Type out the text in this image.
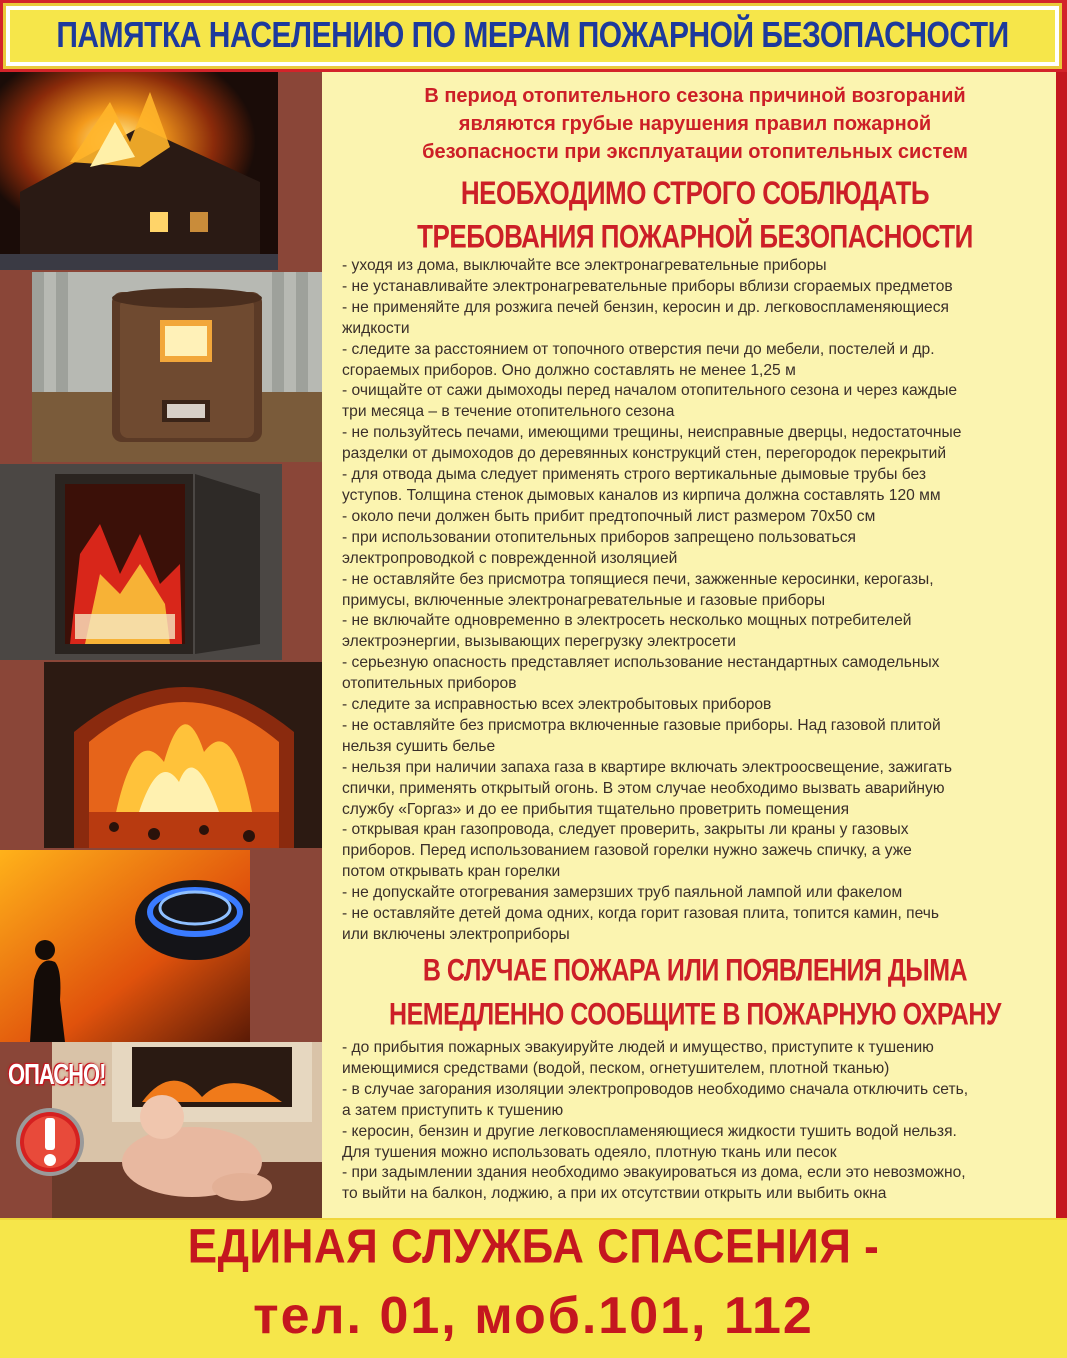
ПАМЯТКА НАСЕЛЕНИЮ ПО МЕРАМ ПОЖАРНОЙ БЕЗОПАСНОСТИ
ОПАСНО!
В период отопительного сезона причиной возгораний
являются грубые нарушения правил пожарной
безопасности при эксплуатации отопительных систем
НЕОБХОДИМО СТРОГО СОБЛЮДАТЬ
ТРЕБОВАНИЯ ПОЖАРНОЙ БЕЗОПАСНОСТИ
- уходя из дома, выключайте все электронагревательные приборы
- не устанавливайте электронагревательные приборы вблизи сгораемых предметов
- не применяйте для розжига печей бензин, керосин и др. легковоспламеняющиеся
жидкости
- следите за расстоянием от топочного отверстия печи до мебели, постелей и др.
сгораемых приборов. Оно должно составлять не менее 1,25 м
- очищайте от сажи дымоходы перед началом отопительного сезона и через каждые
три месяца – в течение отопительного сезона
- не пользуйтесь печами, имеющими трещины, неисправные дверцы, недостаточные
разделки от дымоходов до деревянных конструкций стен, перегородок перекрытий
- для отвода дыма следует применять строго вертикальные дымовые трубы без
уступов. Толщина стенок дымовых каналов из кирпича должна составлять 120 мм
- около печи должен быть прибит предтопочный лист размером 70х50 см
- при использовании отопительных приборов запрещено пользоваться
электропроводкой с поврежденной изоляцией
- не оставляйте без присмотра топящиеся печи, зажженные керосинки, керогазы,
примусы, включенные электронагревательные и газовые приборы
- не включайте одновременно в электросеть несколько мощных потребителей
электроэнергии, вызывающих перегрузку электросети
- серьезную опасность представляет использование нестандартных самодельных
отопительных приборов
- следите за исправностью всех электробытовых приборов
- не оставляйте без присмотра включенные газовые приборы. Над газовой плитой
нельзя сушить белье
- нельзя при наличии запаха газа в квартире включать электроосвещение, зажигать
спички, применять открытый огонь. В этом случае необходимо вызвать аварийную
службу «Горгаз» и до ее прибытия тщательно проветрить помещения
- открывая кран газопровода, следует проверить, закрыты ли краны у газовых
приборов. Перед использованием газовой горелки нужно зажечь спичку, а уже
потом открывать кран горелки
- не допускайте отогревания замерзших труб паяльной лампой или факелом
- не оставляйте детей дома одних, когда горит газовая плита, топится камин, печь
или включены электроприборы
В СЛУЧАЕ ПОЖАРА ИЛИ ПОЯВЛЕНИЯ ДЫМА
НЕМЕДЛЕННО СООБЩИТЕ В ПОЖАРНУЮ ОХРАНУ
- до прибытия пожарных эвакуируйте людей и имущество, приступите к тушению
имеющимися средствами (водой, песком, огнетушителем, плотной тканью)
- в случае загорания изоляции электропроводов необходимо сначала отключить сеть,
а затем приступить к тушению
- керосин, бензин и другие легковоспламеняющиеся жидкости тушить водой нельзя.
Для тушения можно использовать одеяло, плотную ткань или песок
- при задымлении здания необходимо эвакуироваться из дома, если это невозможно,
то выйти на балкон, лоджию, а при их отсутствии открыть или выбить окна
ЕДИНАЯ СЛУЖБА СПАСЕНИЯ -
тел. 01, моб.101, 112
